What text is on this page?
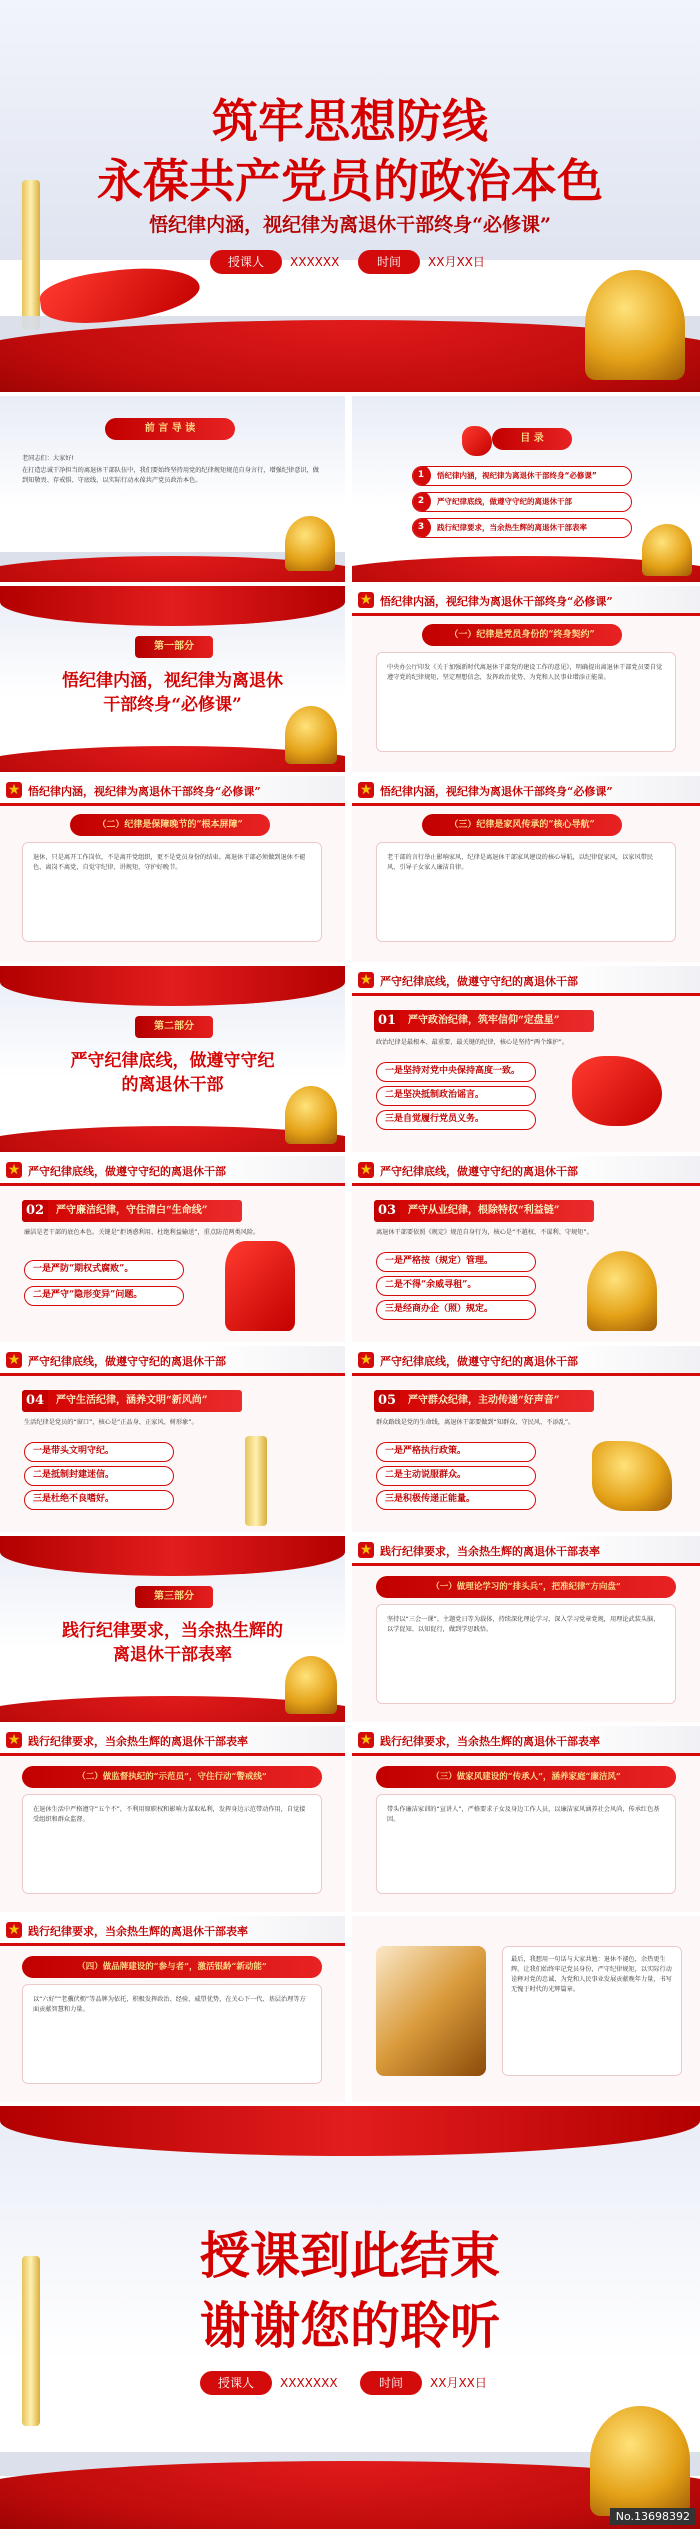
筑牢思想防线
永葆共产党员的政治本色
悟纪律内涵，视纪律为离退休干部终身“必修课”
授课人	XXXXXX	时间	XX月XX日
前 言 导 读
老同志们：大家好!
在打造忠诚干净担当的离退休干部队伍中，我们要始终坚持用党的纪律规矩规范自身言行，增强纪律意识，做到知敬畏、存戒惧、守底线，以实际行动永葆共产党员政治本色。
目 录
1	悟纪律内涵，视纪律为离退休干部终身“必修课”
2	严守纪律底线，做遵守守纪的离退休干部
3	践行纪律要求，当余热生辉的离退休干部表率
第一部分
悟纪律内涵，视纪律为离退休
干部终身“必修课”
★ 悟纪律内涵，视纪律为离退休干部终身“必修课”
（一）纪律是党员身份的“终身契约”
中央办公厅印发《关于加强新时代离退休干部党的建设工作的意见》，明确提出离退休干部党员要自觉遵守党的纪律规矩，坚定理想信念，发挥政治优势，为党和人民事业增添正能量。
★ 悟纪律内涵，视纪律为离退休干部终身“必修课”
（二）纪律是保障晚节的“根本屏障”
退休，只是离开工作岗位，不是离开党组织，更不是党员身份的结束。离退休干部必须做到退休不褪色、离岗不离党，自觉守纪律、讲规矩，守护好晚节。
★ 悟纪律内涵，视纪律为离退休干部终身“必修课”
（三）纪律是家风传承的“核心导航”
老干部的言行举止影响家风，纪律是离退休干部家风建设的核心导航，以纪律促家风，以家风带民风，引导子女家人廉洁自律。
第二部分
严守纪律底线，做遵守守纪
的离退休干部
★ 严守纪律底线，做遵守守纪的离退休干部
01	严守政治纪律，筑牢信仰“定盘星”
政治纪律是最根本、最重要、最关键的纪律，核心是坚持“两个维护”。
一是坚持对党中央保持高度一致。
二是坚决抵制政治谣言。
三是自觉履行党员义务。
★ 严守纪律底线，做遵守守纪的离退休干部
02	严守廉洁纪律，守住清白“生命线”
廉洁是老干部的底色本色。关键是“拒诱惑利用、杜绝利益输送”，重点防范两类风险。
一是严防“期权式腐败”。
二是严守“隐形变异”问题。
★ 严守纪律底线，做遵守守纪的离退休干部
03	严守从业纪律，根除特权“利益链”
离退休干部要依照《规定》规范自身行为，核心是“不越权、不谋利、守规矩”。
一是严格按（规定）管理。
二是不得“余威寻租”。
三是经商办企（照）规定。
★ 严守纪律底线，做遵守守纪的离退休干部
04	严守生活纪律，涵养文明“新风尚”
生活纪律是党员的“窗口”，核心是“正品身、正家风、树形象”。
一是带头文明守纪。
二是抵制封建迷信。
三是杜绝不良嗜好。
★ 严守纪律底线，做遵守守纪的离退休干部
05	严守群众纪律，主动传递“好声音”
群众路线是党的生命线，离退休干部要做到“知群众、守民风、不添乱”。
一是严格执行政策。
二是主动说服群众。
三是积极传递正能量。
第三部分
践行纪律要求，当余热生辉的
离退休干部表率
★ 践行纪律要求，当余热生辉的离退休干部表率
（一）做理论学习的“排头兵”，把准纪律“方向盘”
坚持以“三会一课”、主题党日等为载体，持续深化理论学习，深入学习党章党规，用理论武装头脑，以学促知、以知促行，做到学思践悟。
★ 践行纪律要求，当余热生辉的离退休干部表率
（二）做监督执纪的“示范员”，守住行动“警戒线”
在退休生活中严格遵守“五个不”，不利用原职权和影响力谋取私利，发挥身边示范带动作用，自觉接受组织和群众监督。
★ 践行纪律要求，当余热生辉的离退休干部表率
（三）做家风建设的“传承人”，涵养家庭“廉洁风”
带头作廉洁家训的“宣讲人”，严格要求子女及身边工作人员，以廉洁家风涵养社会风尚，传承红色基因。
★ 践行纪律要求，当余热生辉的离退休干部表率
（四）做品牌建设的“参与者”，激活银龄“新动能”
以“六好”“老骥伏枥”等品牌为依托，积极发挥政治、经验、威望优势，在关心下一代、基层治理等方面贡献智慧和力量。
最后，我想用一句话与大家共勉：退休不褪色，余热更生辉。让我们始终牢记党员身份，严守纪律规矩，以实际行动诠释对党的忠诚，为党和人民事业发展贡献晚年力量，书写无愧于时代的光辉篇章。
授课到此结束
谢谢您的聆听
授课人	XXXXXXX	时间	XX月XX日
No.13698392
